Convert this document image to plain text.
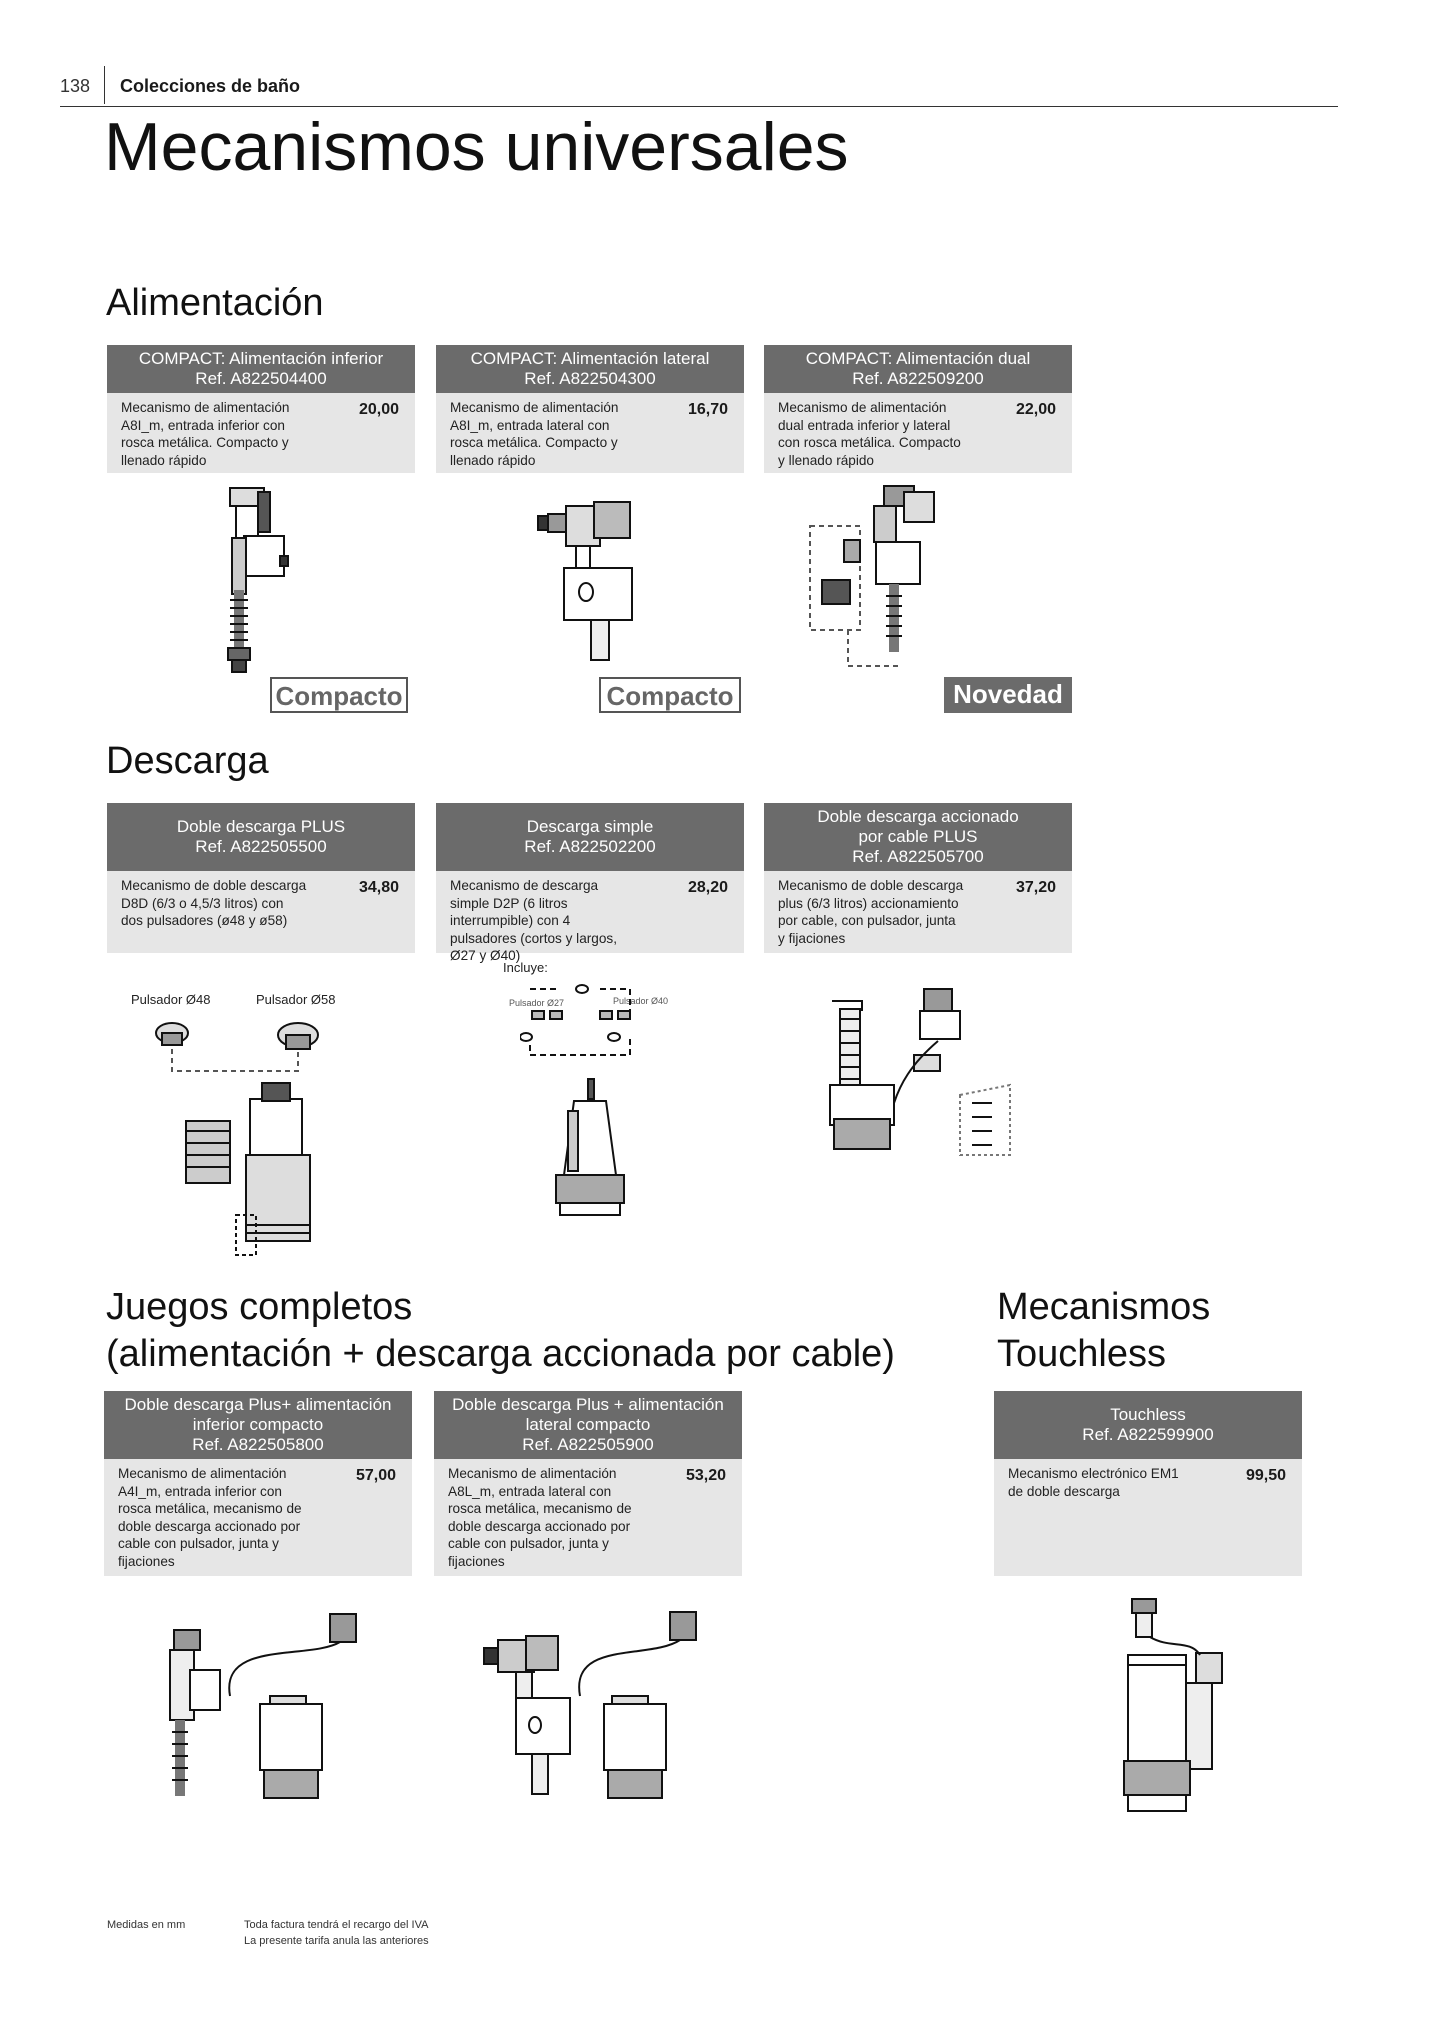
138 Colecciones de baño
Mecanismos universales
Alimentación
COMPACT: Alimentación inferior
Ref. A822504400
Mecanismo de alimentación A8I_m, entrada inferior con rosca metálica. Compacto y llenado rápido
20,00
COMPACT: Alimentación lateral
Ref. A822504300
Mecanismo de alimentación A8I_m, entrada lateral con rosca metálica. Compacto y llenado rápido
16,70
COMPACT: Alimentación dual
Ref. A822509200
Mecanismo de alimentación dual entrada inferior y lateral con rosca metálica. Compacto y llenado rápido
22,00
Compacto	Compacto	Novedad
Descarga
Doble descarga PLUS
Ref. A822505500
Mecanismo de doble descarga D8D (6/3 o 4,5/3 litros) con dos pulsadores (ø48 y ø58)
34,80
Descarga simple
Ref. A822502200
Mecanismo de descarga simple D2P (6 litros interrumpible) con 4 pulsadores (cortos y largos, Ø27 y Ø40)
28,20
Doble descarga accionado por cable PLUS
Ref. A822505700
Mecanismo de doble descarga plus (6/3 litros) accionamiento por cable, con pulsador, junta y fijaciones
37,20
Pulsador Ø48	Pulsador Ø58
Incluye:
Pulsador Ø27	Pulsador Ø40
Juegos completos
(alimentación + descarga accionada por cable)
Mecanismos
Touchless
Doble descarga Plus+ alimentación inferior compacto
Ref. A822505800
Mecanismo de alimentación A4I_m, entrada inferior con rosca metálica, mecanismo de doble descarga accionado por cable con pulsador, junta y fijaciones
57,00
Doble descarga Plus + alimentación lateral compacto
Ref. A822505900
Mecanismo de alimentación A8L_m, entrada lateral con rosca metálica, mecanismo de doble descarga accionado por cable con pulsador, junta y fijaciones
53,20
Touchless
Ref. A822599900
Mecanismo electrónico EM1 de doble descarga
99,50
Medidas en mm	Toda factura tendrá el recargo del IVA
La presente tarifa anula las anteriores
